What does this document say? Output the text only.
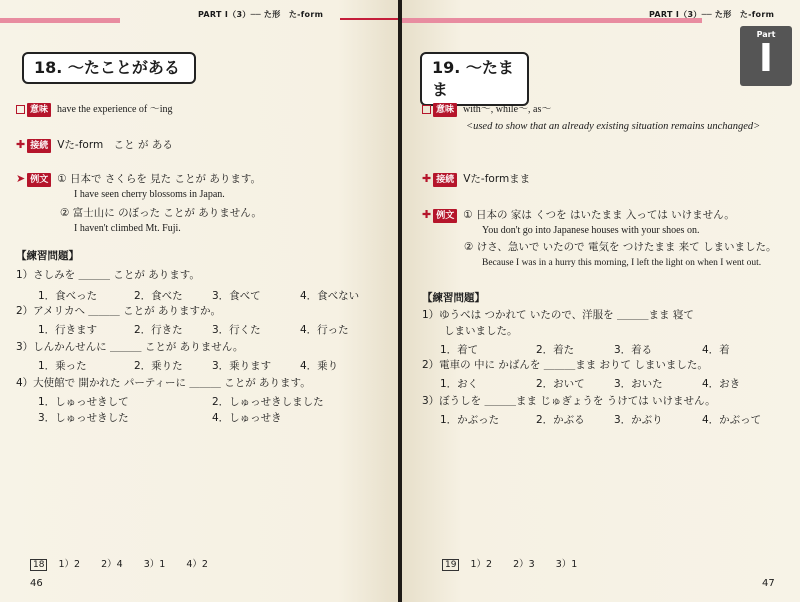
PART Ⅰ（3）── た形　た-form
18. ～たことがある
意味 have the experience of ～ing
✚ 接続 Vた-form　こと が ある
➤ 例文 ① 日本で さくらを 見た ことが あります。
I have seen cherry blossoms in Japan.
② 富士山に のぼった ことが ありません。
I haven't climbed Mt. Fuji.
【練習問題】
1）さしみを ＿＿＿ ことが あります。
1．食べった	2．食べた	3．食べて	4．食べない
2）アメリカへ ＿＿＿ ことが ありますか。
1．行きます	2．行きた	3．行くた	4．行った
3）しんかんせんに ＿＿＿ ことが ありません。
1．乗った	2．乗りた	3．乗ります	4．乗り
4）大使館で 開かれた パーティーに ＿＿＿ ことが あります。
1．しゅっせきして	2．しゅっせきしました
3．しゅっせきした	4．しゅっせき
18 1）2 2）4 3）1 4）2
46
PART Ⅰ（3）── た形　た-form
Part
Ⅰ
19. ～たまま
意味 with～, while～, as～
<used to show that an already existing situation remains unchanged>
✚ 接続 Vた-formまま
✚ 例文 ① 日本の 家は くつを はいたまま 入っては いけません。
You don't go into Japanese houses with your shoes on.
② けさ、急いで いたので 電気を つけたまま 来て しまいました。
Because I was in a hurry this morning, I left the light on when I went out.
【練習問題】
1）ゆうべは つかれて いたので、洋服を ＿＿＿まま 寝て
しまいました。
1．着て	2．着た	3．着る	4．着
2）電車の 中に かばんを ＿＿＿まま おりて しまいました。
1．おく	2．おいて	3．おいた	4．おき
3）ぼうしを ＿＿＿まま じゅぎょうを うけては いけません。
1．かぶった	2．かぶる	3．かぶり	4．かぶって
19 1）2 2）3 3）1
47
